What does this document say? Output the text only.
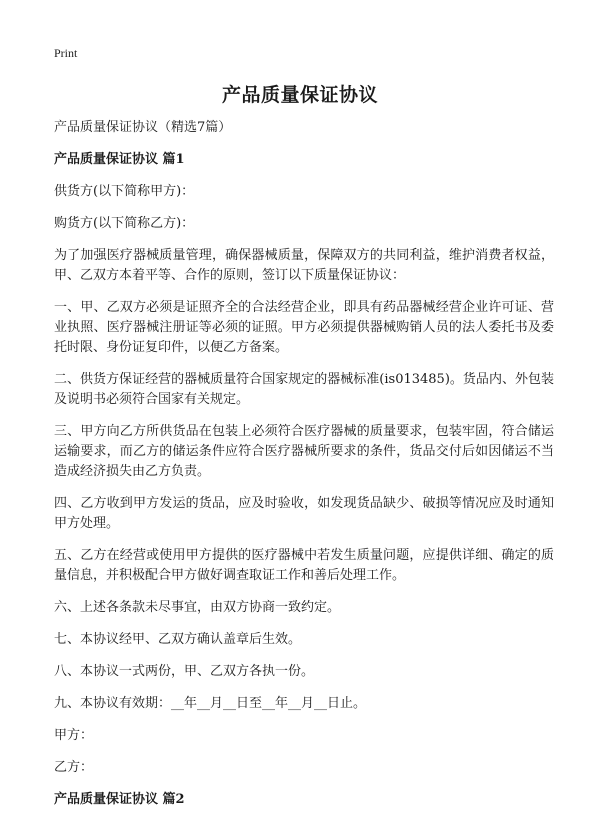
Print
产品质量保证协议

产品质量保证协议（精选7篇）

产品质量保证协议 篇1

供货方(以下简称甲方)：

购货方(以下简称乙方)：

为了加强医疗器械质量管理，确保器械质量，保障双方的共同利益，维护消费者权益，甲、乙双方本着平等、合作的原则，签订以下质量保证协议：

一、甲、乙双方必须是证照齐全的合法经营企业，即具有药品器械经营企业许可证、营业执照、医疗器械注册证等必须的证照。甲方必须提供器械购销人员的法人委托书及委托时限、身份证复印件，以便乙方备案。

二、供货方保证经营的器械质量符合国家规定的器械标准(is013485)。货品内、外包装及说明书必须符合国家有关规定。

三、甲方向乙方所供货品在包装上必须符合医疗器械的质量要求，包装牢固，符合储运运输要求，而乙方的储运条件应符合医疗器械所要求的条件，货品交付后如因储运不当造成经济损失由乙方负责。

四、乙方收到甲方发运的货品，应及时验收，如发现货品缺少、破损等情况应及时通知甲方处理。

五、乙方在经营或使用甲方提供的医疗器械中若发生质量问题，应提供详细、确定的质量信息，并积极配合甲方做好调查取证工作和善后处理工作。

六、上述各条款未尽事宜，由双方协商一致约定。

七、本协议经甲、乙双方确认盖章后生效。

八、本协议一式两份，甲、乙双方各执一份。

九、本协议有效期：__年__月__日至__年__月__日止。

甲方：

乙方：

产品质量保证协议 篇2
